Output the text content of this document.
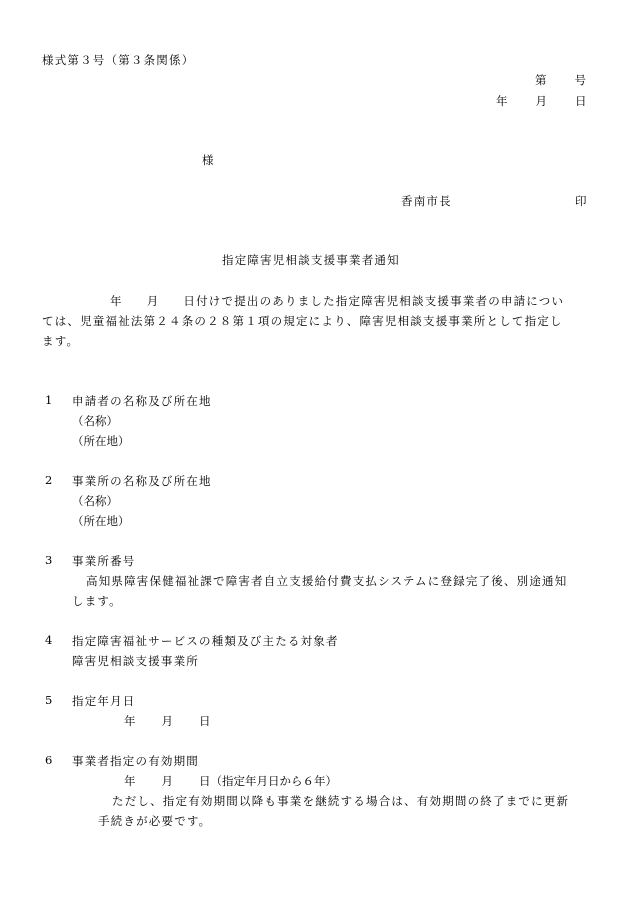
様式第３号（第３条関係）
第 号
年 月 日
様
香南市長	印
指定障害児相談支援事業者通知
年 月 日付けで提出のありました指定障害児相談支援事業者の申請につい
ては、児童福祉法第２４条の２８第１項の規定により、障害児相談支援事業所として指定し
ます。
1 申請者の名称及び所在地
（名称）
（所在地）
2 事業所の名称及び所在地
（名称）
（所在地）
3 事業所番号
高知県障害保健福祉課で障害者自立支援給付費支払システムに登録完了後、別途通知
します。
4 指定障害福祉サービスの種類及び主たる対象者
障害児相談支援事業所
5 指定年月日
年 月 日
6 事業者指定の有効期間
年 月 日（指定年月日から６年）
ただし、指定有効期間以降も事業を継続する場合は、有効期間の終了までに更新
手続きが必要です。
